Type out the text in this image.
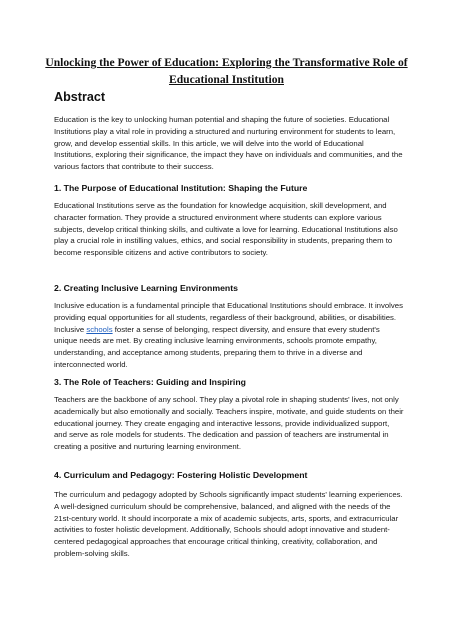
Unlocking the Power of Education: Exploring the Transformative Role of Educational Institution
Abstract

Education is the key to unlocking human potential and shaping the future of societies. Educational Institutions play a vital role in providing a structured and nurturing environment for students to learn, grow, and develop essential skills. In this article, we will delve into the world of Educational Institutions, exploring their significance, the impact they have on individuals and communities, and the various factors that contribute to their success.

1. The Purpose of Educational Institution: Shaping the Future

Educational Institutions serve as the foundation for knowledge acquisition, skill development, and character formation. They provide a structured environment where students can explore various subjects, develop critical thinking skills, and cultivate a love for learning. Educational Institutions also play a crucial role in instilling values, ethics, and social responsibility in students, preparing them to become responsible citizens and active contributors to society.

2. Creating Inclusive Learning Environments

Inclusive education is a fundamental principle that Educational Institutions should embrace. It involves providing equal opportunities for all students, regardless of their background, abilities, or disabilities. Inclusive schools foster a sense of belonging, respect diversity, and ensure that every student's unique needs are met. By creating inclusive learning environments, schools promote empathy, understanding, and acceptance among students, preparing them to thrive in a diverse and interconnected world.

3. The Role of Teachers: Guiding and Inspiring

Teachers are the backbone of any school. They play a pivotal role in shaping students' lives, not only academically but also emotionally and socially. Teachers inspire, motivate, and guide students on their educational journey. They create engaging and interactive lessons, provide individualized support, and serve as role models for students. The dedication and passion of teachers are instrumental in creating a positive and nurturing learning environment.

4. Curriculum and Pedagogy: Fostering Holistic Development

The curriculum and pedagogy adopted by Schools significantly impact students' learning experiences. A well-designed curriculum should be comprehensive, balanced, and aligned with the needs of the 21st-century world. It should incorporate a mix of academic subjects, arts, sports, and extracurricular activities to foster holistic development. Additionally, Schools should adopt innovative and student-centered pedagogical approaches that encourage critical thinking, creativity, collaboration, and problem-solving skills.
